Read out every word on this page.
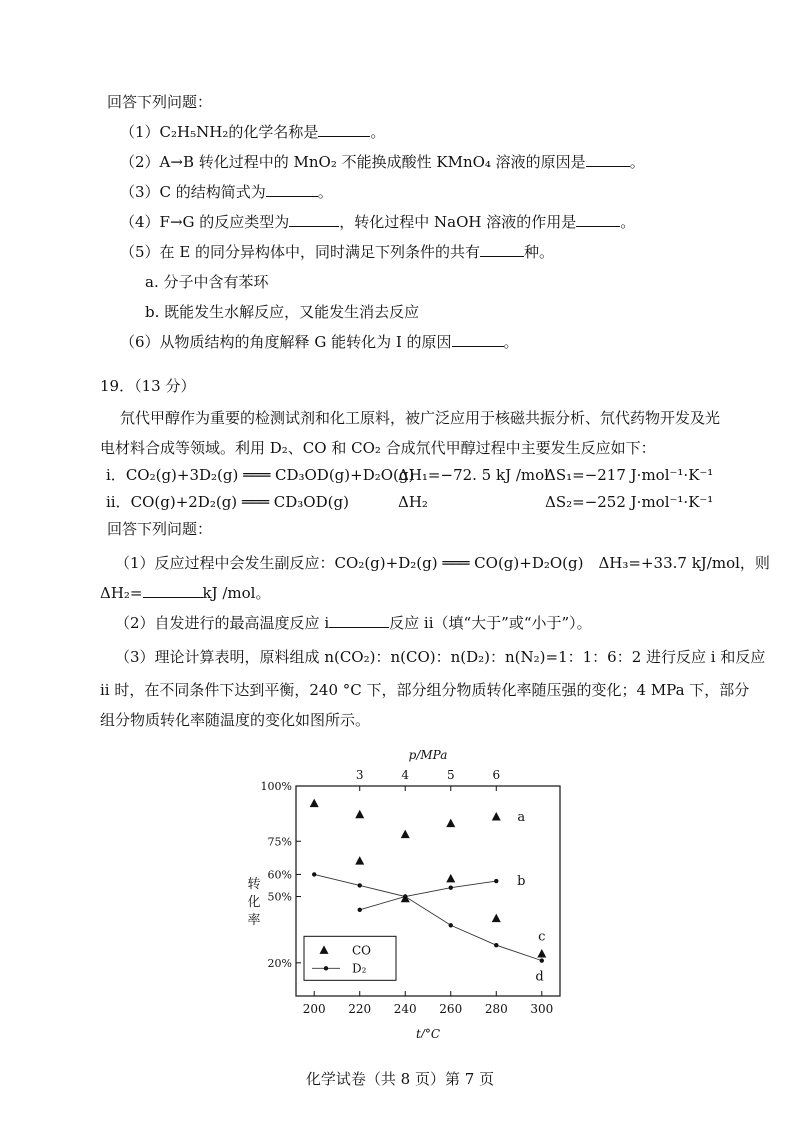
回答下列问题：
（1）C₂H₅NH₂的化学名称是	。
（2）A→B 转化过程中的 MnO₂ 不能换成酸性 KMnO₄ 溶液的原因是	。
（3）C 的结构简式为	。
（4）F→G 的反应类型为	，转化过程中 NaOH 溶液的作用是	。
（5）在 E 的同分异构体中，同时满足下列条件的共有	种。
a. 分子中含有苯环
b. 既能发生水解反应，又能发生消去反应
（6）从物质结构的角度解释 G 能转化为 I 的原因	。
19．（13 分）
氘代甲醇作为重要的检测试剂和化工原料，被广泛应用于核磁共振分析、氘代药物开发及光
电材料合成等领域。利用 D₂、CO 和 CO₂ 合成氘代甲醇过程中主要发生反应如下：
i．CO₂(g)+3D₂(g) ═══ CD₃OD(g)+D₂O(g)
ΔH₁=−72. 5 kJ /mol
ΔS₁=−217 J·mol⁻¹·K⁻¹
ii．CO(g)+2D₂(g) ═══ CD₃OD(g)	ΔH₂	ΔS₂=−252 J·mol⁻¹·K⁻¹
回答下列问题：
（1）反应过程中会发生副反应：CO₂(g)+D₂(g) ═══ CO(g)+D₂O(g)　ΔH₃=+33.7 kJ/mol，则
ΔH₂=	kJ /mol。
（2）自发进行的最高温度反应 i	反应 ii（填“大于”或“小于”）。
（3）理论计算表明，原料组成 n(CO₂)：n(CO)：n(D₂)：n(N₂)=1：1：6：2 进行反应 i 和反应
ii 时，在不同条件下达到平衡，240 °C 下，部分组分物质转化率随压强的变化；4 MPa 下，部分
组分物质转化率随温度的变化如图所示。
200 220 240 260 280 300
t/°C
3	4	5	6
p/MPa
100%
75%
60%
50%
20%
转
化
率
a
b
c
d
CO
D₂
化学试卷（共 8 页）第 7 页
